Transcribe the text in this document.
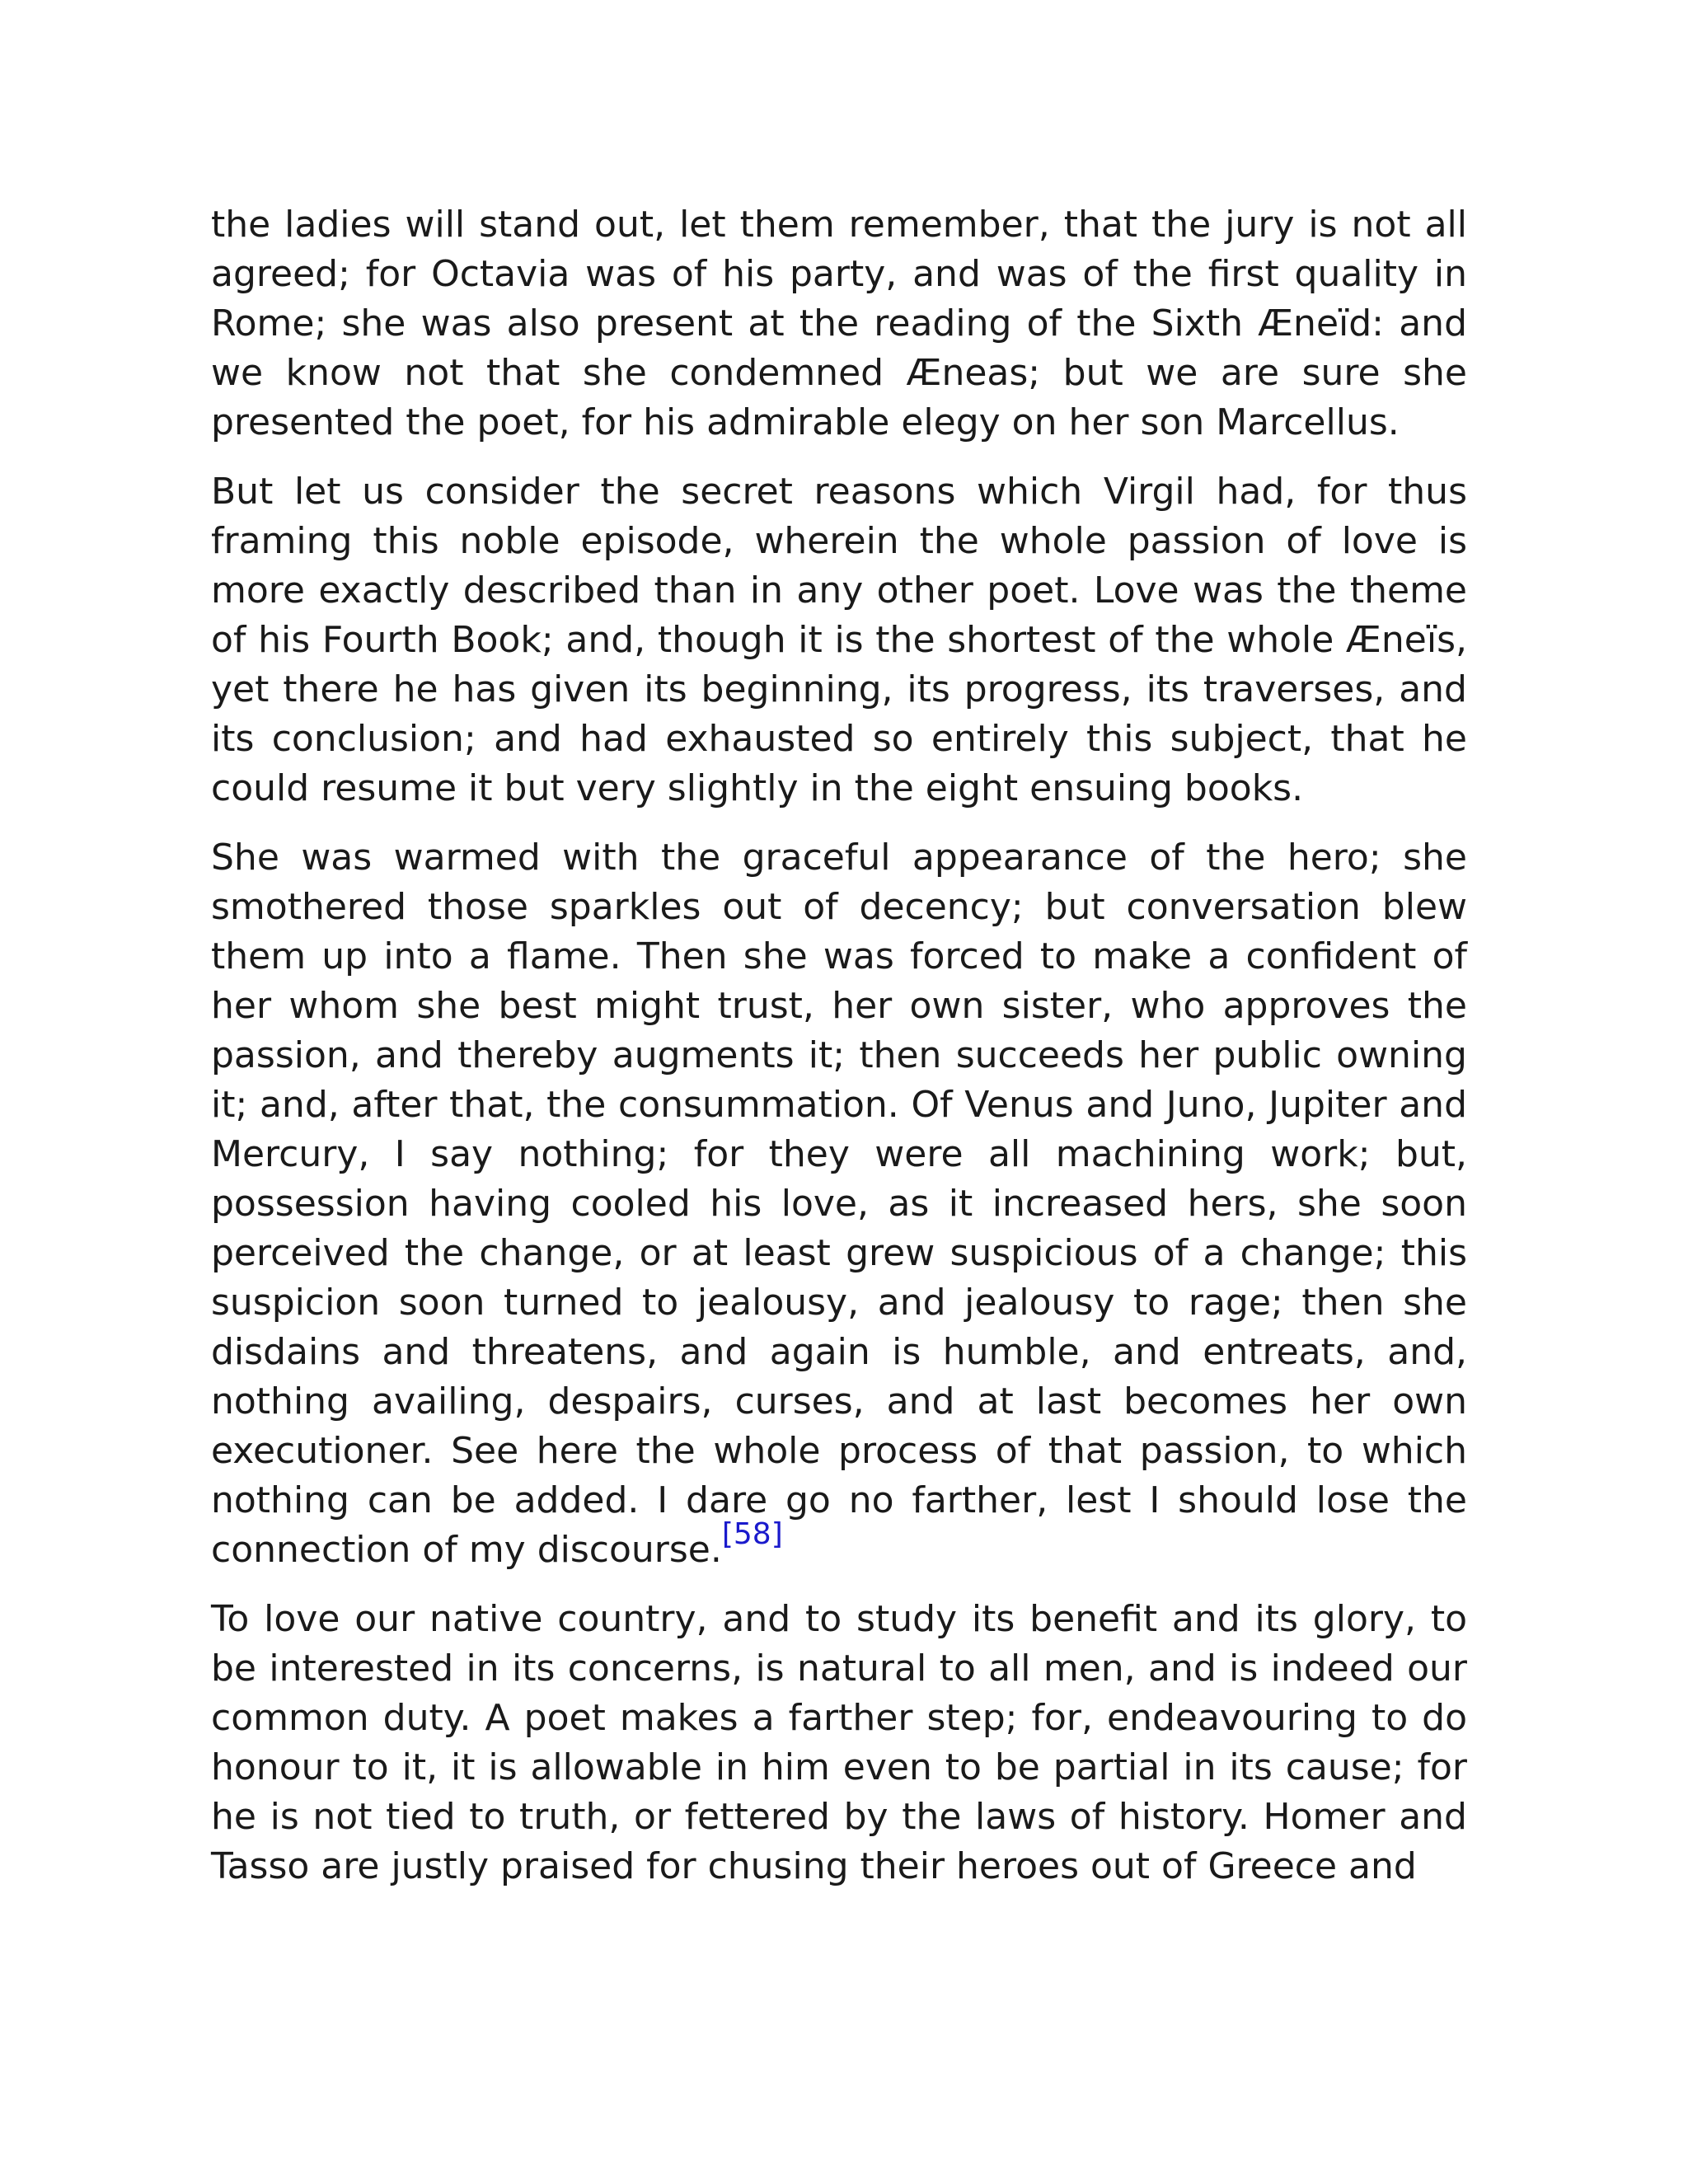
the ladies will stand out, let them remember, that the jury is not all agreed; for Octavia was of his party, and was of the first quality in Rome; she was also present at the reading of the Sixth Æneïd: and we know not that she condemned Æneas; but we are sure she presented the poet, for his admirable elegy on her son Marcellus.

But let us consider the secret reasons which Virgil had, for thus framing this noble episode, wherein the whole passion of love is more exactly described than in any other poet. Love was the theme of his Fourth Book; and, though it is the shortest of the whole Æneïs, yet there he has given its beginning, its progress, its traverses, and its conclusion; and had exhausted so entirely this subject, that he could resume it but very slightly in the eight ensuing books.

She was warmed with the graceful appearance of the hero; she smothered those sparkles out of decency; but conversation blew them up into a flame. Then she was forced to make a confident of her whom she best might trust, her own sister, who approves the passion, and thereby augments it; then succeeds her public owning it; and, after that, the consummation. Of Venus and Juno, Jupiter and Mercury, I say nothing; for they were all machining work; but, possession having cooled his love, as it increased hers, she soon perceived the change, or at least grew suspicious of a change; this suspicion soon turned to jealousy, and jealousy to rage; then she disdains and threatens, and again is humble, and entreats, and, nothing availing, despairs, curses, and at last becomes her own executioner. See here the whole process of that passion, to which nothing can be added. I dare go no farther, lest I should lose the connection of my discourse.[58]

To love our native country, and to study its benefit and its glory, to be interested in its concerns, is natural to all men, and is indeed our common duty. A poet makes a farther step; for, endeavouring to do honour to it, it is allowable in him even to be partial in its cause; for he is not tied to truth, or fettered by the laws of history. Homer and Tasso are justly praised for chusing their heroes out of Greece and
